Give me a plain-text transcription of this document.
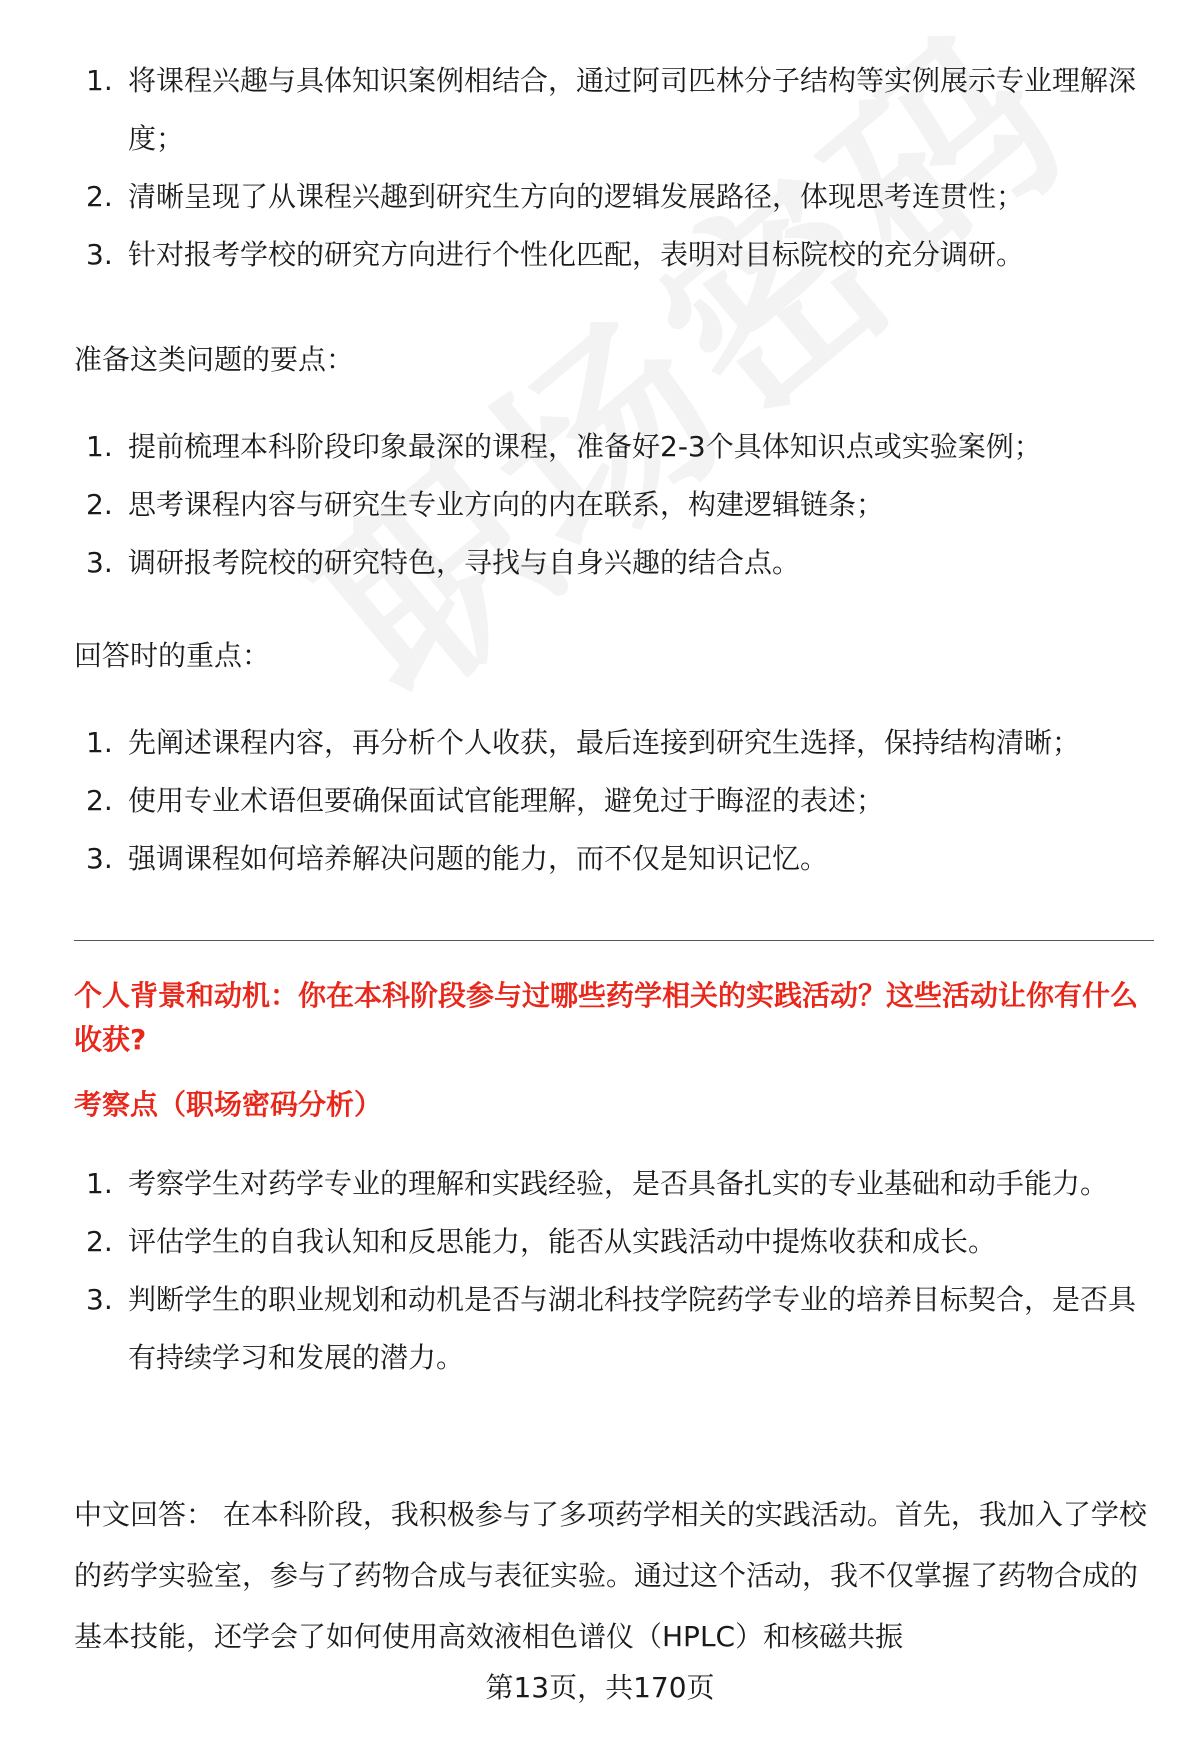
1. 将课程兴趣与具体知识案例相结合，通过阿司匹林分子结构等实例展示专业理解深度；
2. 清晰呈现了从课程兴趣到研究生方向的逻辑发展路径，体现思考连贯性；
3. 针对报考学校的研究方向进行个性化匹配，表明对目标院校的充分调研。

准备这类问题的要点：

1. 提前梳理本科阶段印象最深的课程，准备好2-3个具体知识点或实验案例；
2. 思考课程内容与研究生专业方向的内在联系，构建逻辑链条；
3. 调研报考院校的研究特色，寻找与自身兴趣的结合点。

回答时的重点：

1. 先阐述课程内容，再分析个人收获，最后连接到研究生选择，保持结构清晰；
2. 使用专业术语但要确保面试官能理解，避免过于晦涩的表述；
3. 强调课程如何培养解决问题的能力，而不仅是知识记忆。

个人背景和动机：你在本科阶段参与过哪些药学相关的实践活动？这些活动让你有什么收获?

考察点（职场密码分析）

1. 考察学生对药学专业的理解和实践经验，是否具备扎实的专业基础和动手能力。
2. 评估学生的自我认知和反思能力，能否从实践活动中提炼收获和成长。
3. 判断学生的职业规划和动机是否与湖北科技学院药学专业的培养目标契合，是否具有持续学习和发展的潜力。

中文回答： 在本科阶段，我积极参与了多项药学相关的实践活动。首先，我加入了学校的药学实验室，参与了药物合成与表征实验。通过这个活动，我不仅掌握了药物合成的基本技能，还学会了如何使用高效液相色谱仪（HPLC）和核磁共振

第13页，共170页
